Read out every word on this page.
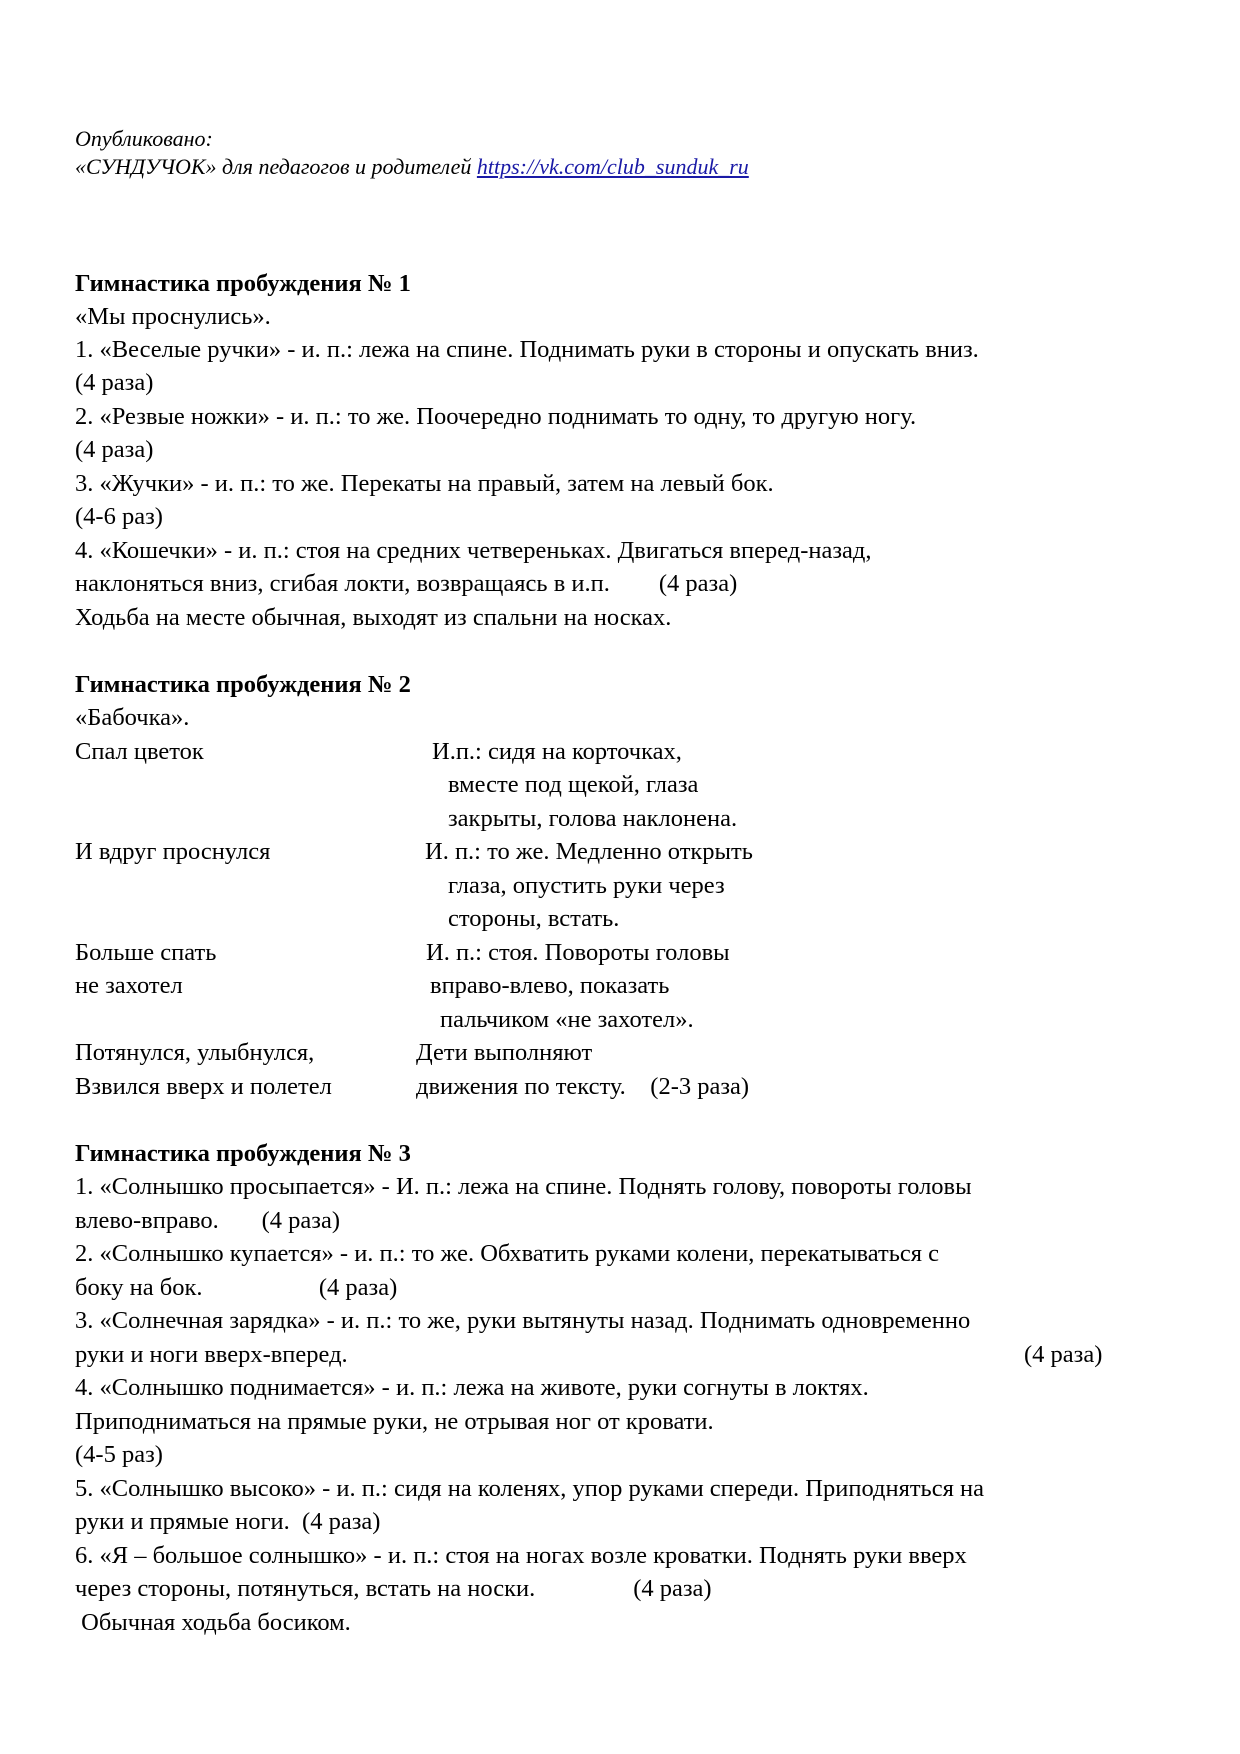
Опубликовано:
«СУНДУЧОК» для педагогов и родителей https://vk.com/club_sunduk_ru
Гимнастика пробуждения № 1
«Мы проснулись».
1. «Веселые ручки» - и. п.: лежа на спине. Поднимать руки в стороны и опускать вниз.
(4 раза)
2. «Резвые ножки» - и. п.: то же. Поочередно поднимать то одну, то другую ногу.
(4 раза)
3. «Жучки» - и. п.: то же. Перекаты на правый, затем на левый бок.
(4-6 раз)
4. «Кошечки» - и. п.: стоя на средних четвереньках. Двигаться вперед-назад,
наклоняться вниз, сгибая локти, возвращаясь в и.п.        (4 раза)
Ходьба на месте обычная, выходят из спальни на носках.
Гимнастика пробуждения № 2
«Бабочка».
Спал цветок	И.п.: сидя на корточках,
вместе под щекой, глаза
закрыты, голова наклонена.
И вдруг проснулся	И. п.: то же. Медленно открыть
глаза, опустить руки через
стороны, встать.
Больше спать	И. п.: стоя. Повороты головы
не захотел	вправо-влево, показать
пальчиком «не захотел».
Потянулся, улыбнулся,	Дети выполняют
Взвился вверх и полетел	движения по тексту.    (2-3 раза)
Гимнастика пробуждения № 3
1. «Солнышко просыпается» - И. п.: лежа на спине. Поднять голову, повороты головы
влево-вправо.       (4 раза)
2. «Солнышко купается» - и. п.: то же. Обхватить руками колени, перекатываться с
боку на бок.                   (4 раза)
3. «Солнечная зарядка» - и. п.: то же, руки вытянуты назад. Поднимать одновременно
руки и ноги вверх-вперед.	(4 раза)
4. «Солнышко поднимается» - и. п.: лежа на животе, руки согнуты в локтях.
Приподниматься на прямые руки, не отрывая ног от кровати.
(4-5 раз)
5. «Солнышко высоко» - и. п.: сидя на коленях, упор руками спереди. Приподняться на
руки и прямые ноги.  (4 раза)
6. «Я – большое солнышко» - и. п.: стоя на ногах возле кроватки. Поднять руки вверх
через стороны, потянуться, встать на носки.                (4 раза)
Обычная ходьба босиком.
